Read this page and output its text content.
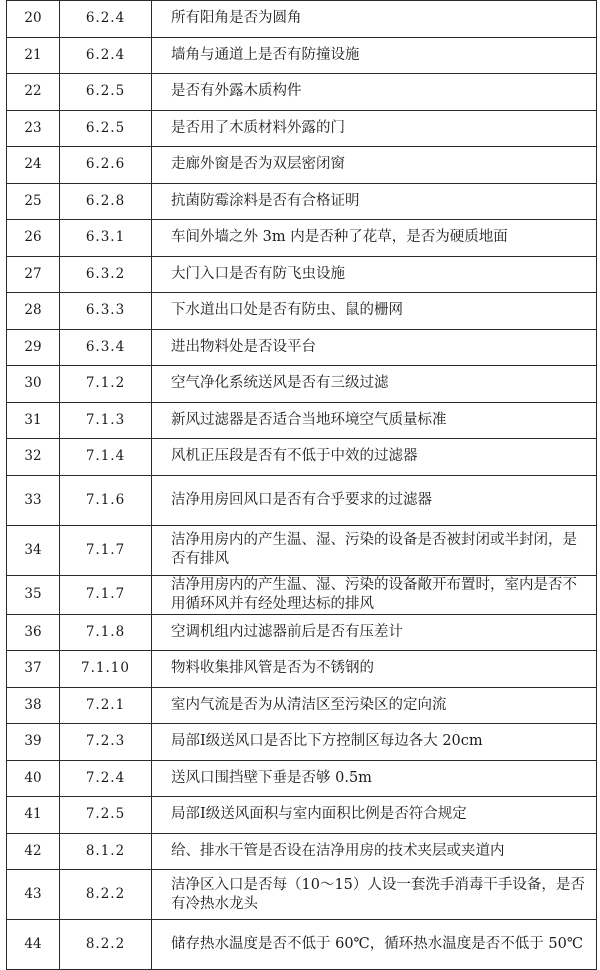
20	6.2.4	所有阳角是否为圆角
21	6.2.4	墙角与通道上是否有防撞设施
22	6.2.5	是否有外露木质构件
23	6.2.5	是否用了木质材料外露的门
24	6.2.6	走廊外窗是否为双层密闭窗
25	6.2.8	抗菌防霉涂料是否有合格证明
26	6.3.1	车间外墙之外 3m 内是否种了花草，是否为硬质地面
27	6.3.2	大门入口是否有防飞虫设施
28	6.3.3	下水道出口处是否有防虫、鼠的栅网
29	6.3.4	进出物料处是否设平台
30	7.1.2	空气净化系统送风是否有三级过滤
31	7.1.3	新风过滤器是否适合当地环境空气质量标准
32	7.1.4	风机正压段是否有不低于中效的过滤器
33	7.1.6	洁净用房回风口是否有合乎要求的过滤器
34	7.1.7	洁净用房内的产生温、湿、污染的设备是否被封闭或半封闭，是否有排风
35	7.1.7	洁净用房内的产生温、湿、污染的设备敞开布置时，室内是否不用循环风并有经处理达标的排风
36	7.1.8	空调机组内过滤器前后是否有压差计
37	7.1.10	物料收集排风管是否为不锈钢的
38	7.2.1	室内气流是否为从清洁区至污染区的定向流
39	7.2.3	局部Ⅰ级送风口是否比下方控制区每边各大 20cm
40	7.2.4	送风口围挡壁下垂是否够 0.5m
41	7.2.5	局部Ⅰ级送风面积与室内面积比例是否符合规定
42	8.1.2	给、排水干管是否设在洁净用房的技术夹层或夹道内
43	8.2.2	洁净区入口是否每（10～15）人设一套洗手消毒干手设备，是否有冷热水龙头
44	8.2.2	储存热水温度是否不低于 60℃，循环热水温度是否不低于 50℃
